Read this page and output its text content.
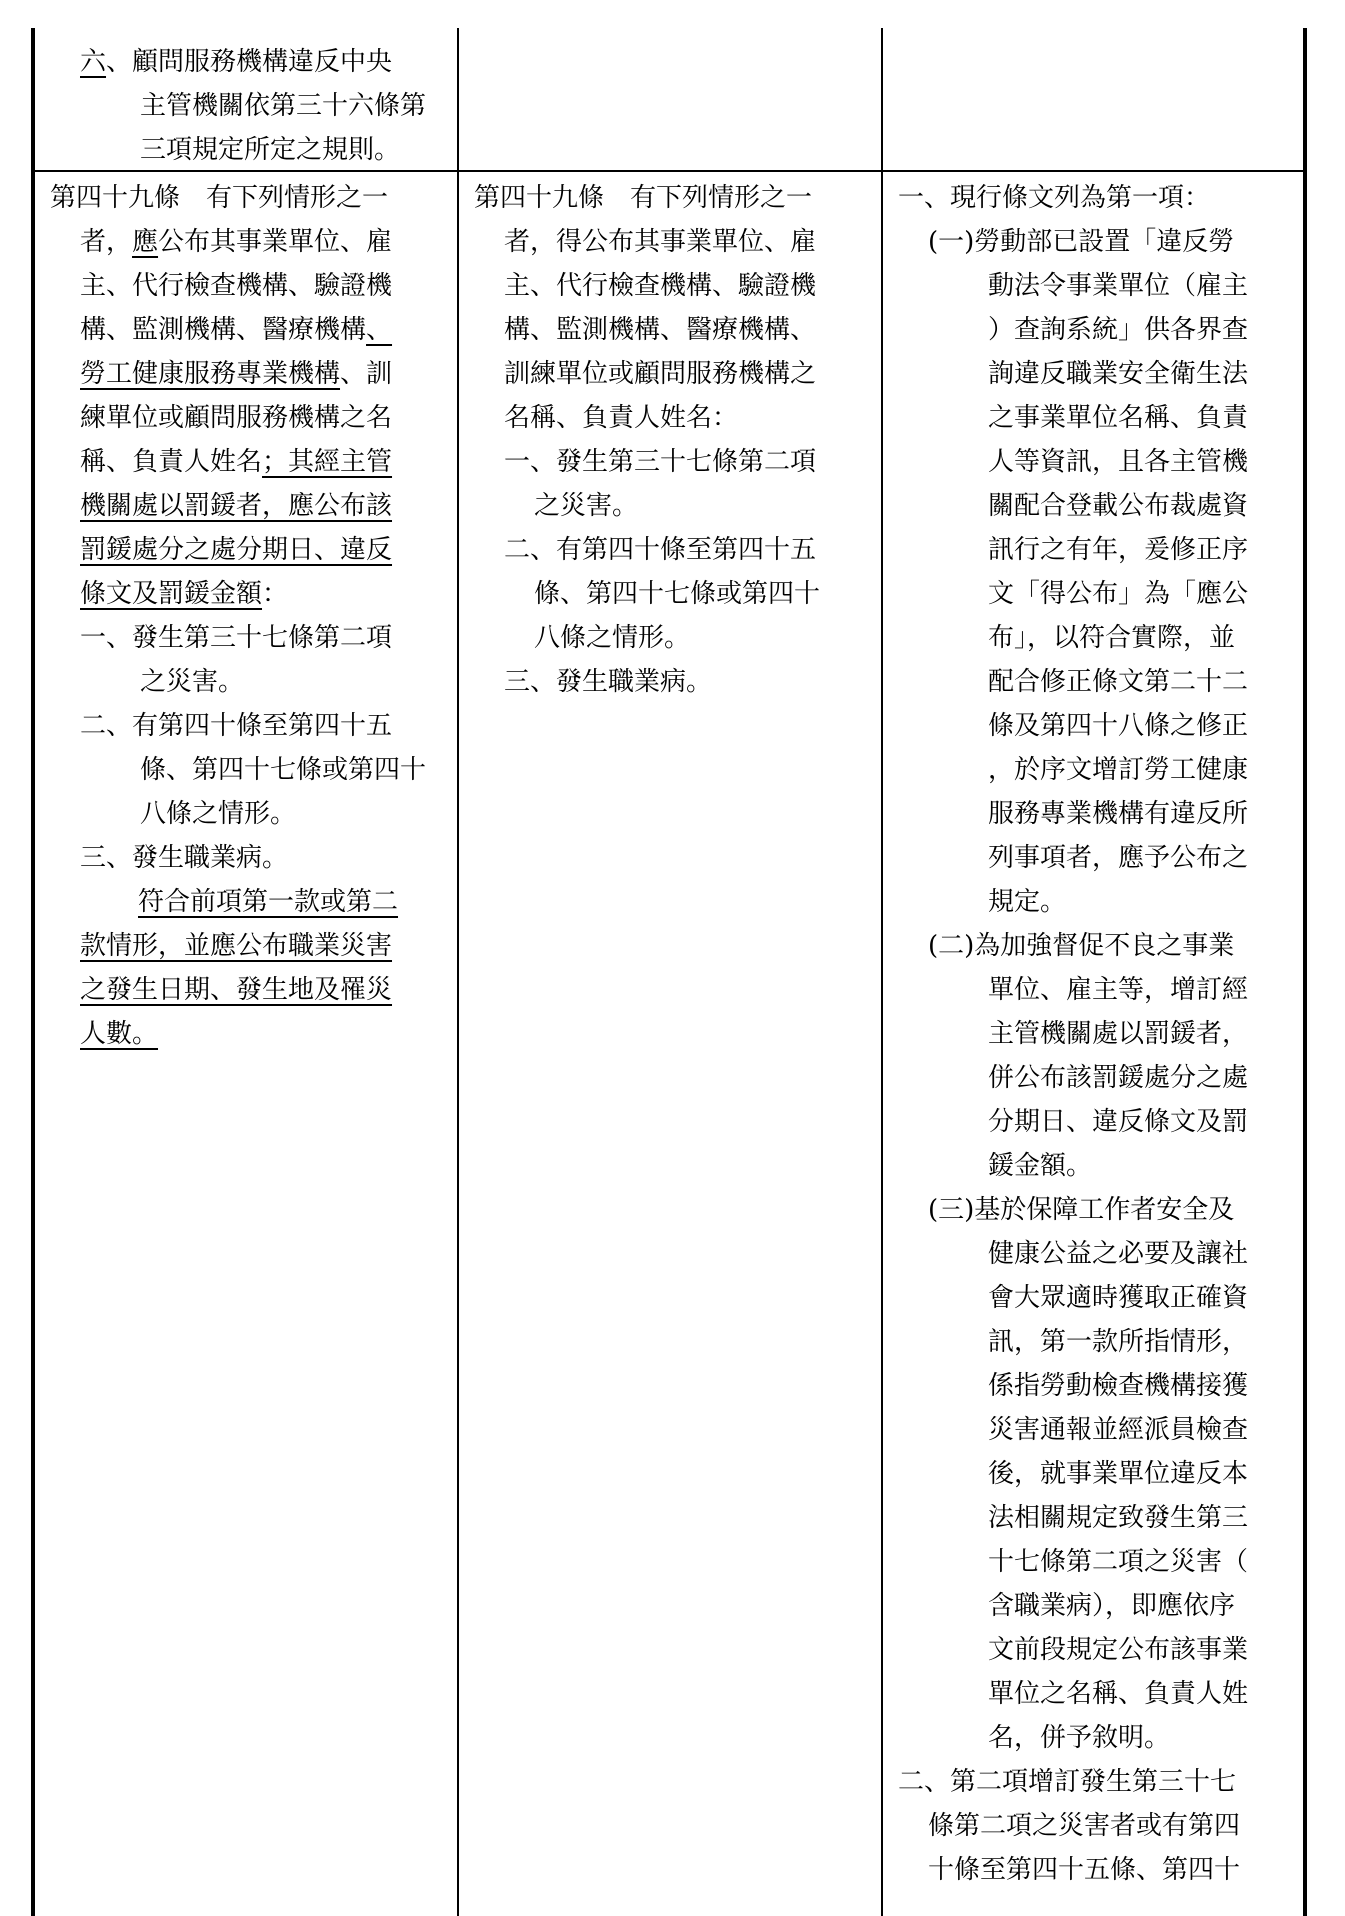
六、顧問服務機構違反中央

主管機關依第三十六條第

三項規定所定之規則。

第四十九條　有下列情形之一

者，應公布其事業單位、雇

主、代行檢查機構、驗證機

構、監測機構、醫療機構、

勞工健康服務專業機構、訓

練單位或顧問服務機構之名

稱、負責人姓名；其經主管

機關處以罰鍰者，應公布該

罰鍰處分之處分期日、違反

條文及罰鍰金額：

一、發生第三十七條第二項

之災害。

二、有第四十條至第四十五

條、第四十七條或第四十

八條之情形。

三、發生職業病。

符合前項第一款或第二

款情形，並應公布職業災害

之發生日期、發生地及罹災

人數。

第四十九條　有下列情形之一

者，得公布其事業單位、雇

主、代行檢查機構、驗證機

構、監測機構、醫療機構、

訓練單位或顧問服務機構之

名稱、負責人姓名：

一、發生第三十七條第二項

之災害。

二、有第四十條至第四十五

條、第四十七條或第四十

八條之情形。

三、發生職業病。

一、現行條文列為第一項：

(一)勞動部已設置「違反勞

動法令事業單位（雇主

）查詢系統」供各界查

詢違反職業安全衛生法

之事業單位名稱、負責

人等資訊，且各主管機

關配合登載公布裁處資

訊行之有年，爰修正序

文「得公布」為「應公

布」，以符合實際，並

配合修正條文第二十二

條及第四十八條之修正

，於序文增訂勞工健康

服務專業機構有違反所

列事項者，應予公布之

規定。

(二)為加強督促不良之事業

單位、雇主等，增訂經

主管機關處以罰鍰者，

併公布該罰鍰處分之處

分期日、違反條文及罰

鍰金額。

(三)基於保障工作者安全及

健康公益之必要及讓社

會大眾適時獲取正確資

訊，第一款所指情形，

係指勞動檢查機構接獲

災害通報並經派員檢查

後，就事業單位違反本

法相關規定致發生第三

十七條第二項之災害（

含職業病），即應依序

文前段規定公布該事業

單位之名稱、負責人姓

名，併予敘明。

二、第二項增訂發生第三十七

條第二項之災害者或有第四

十條至第四十五條、第四十
